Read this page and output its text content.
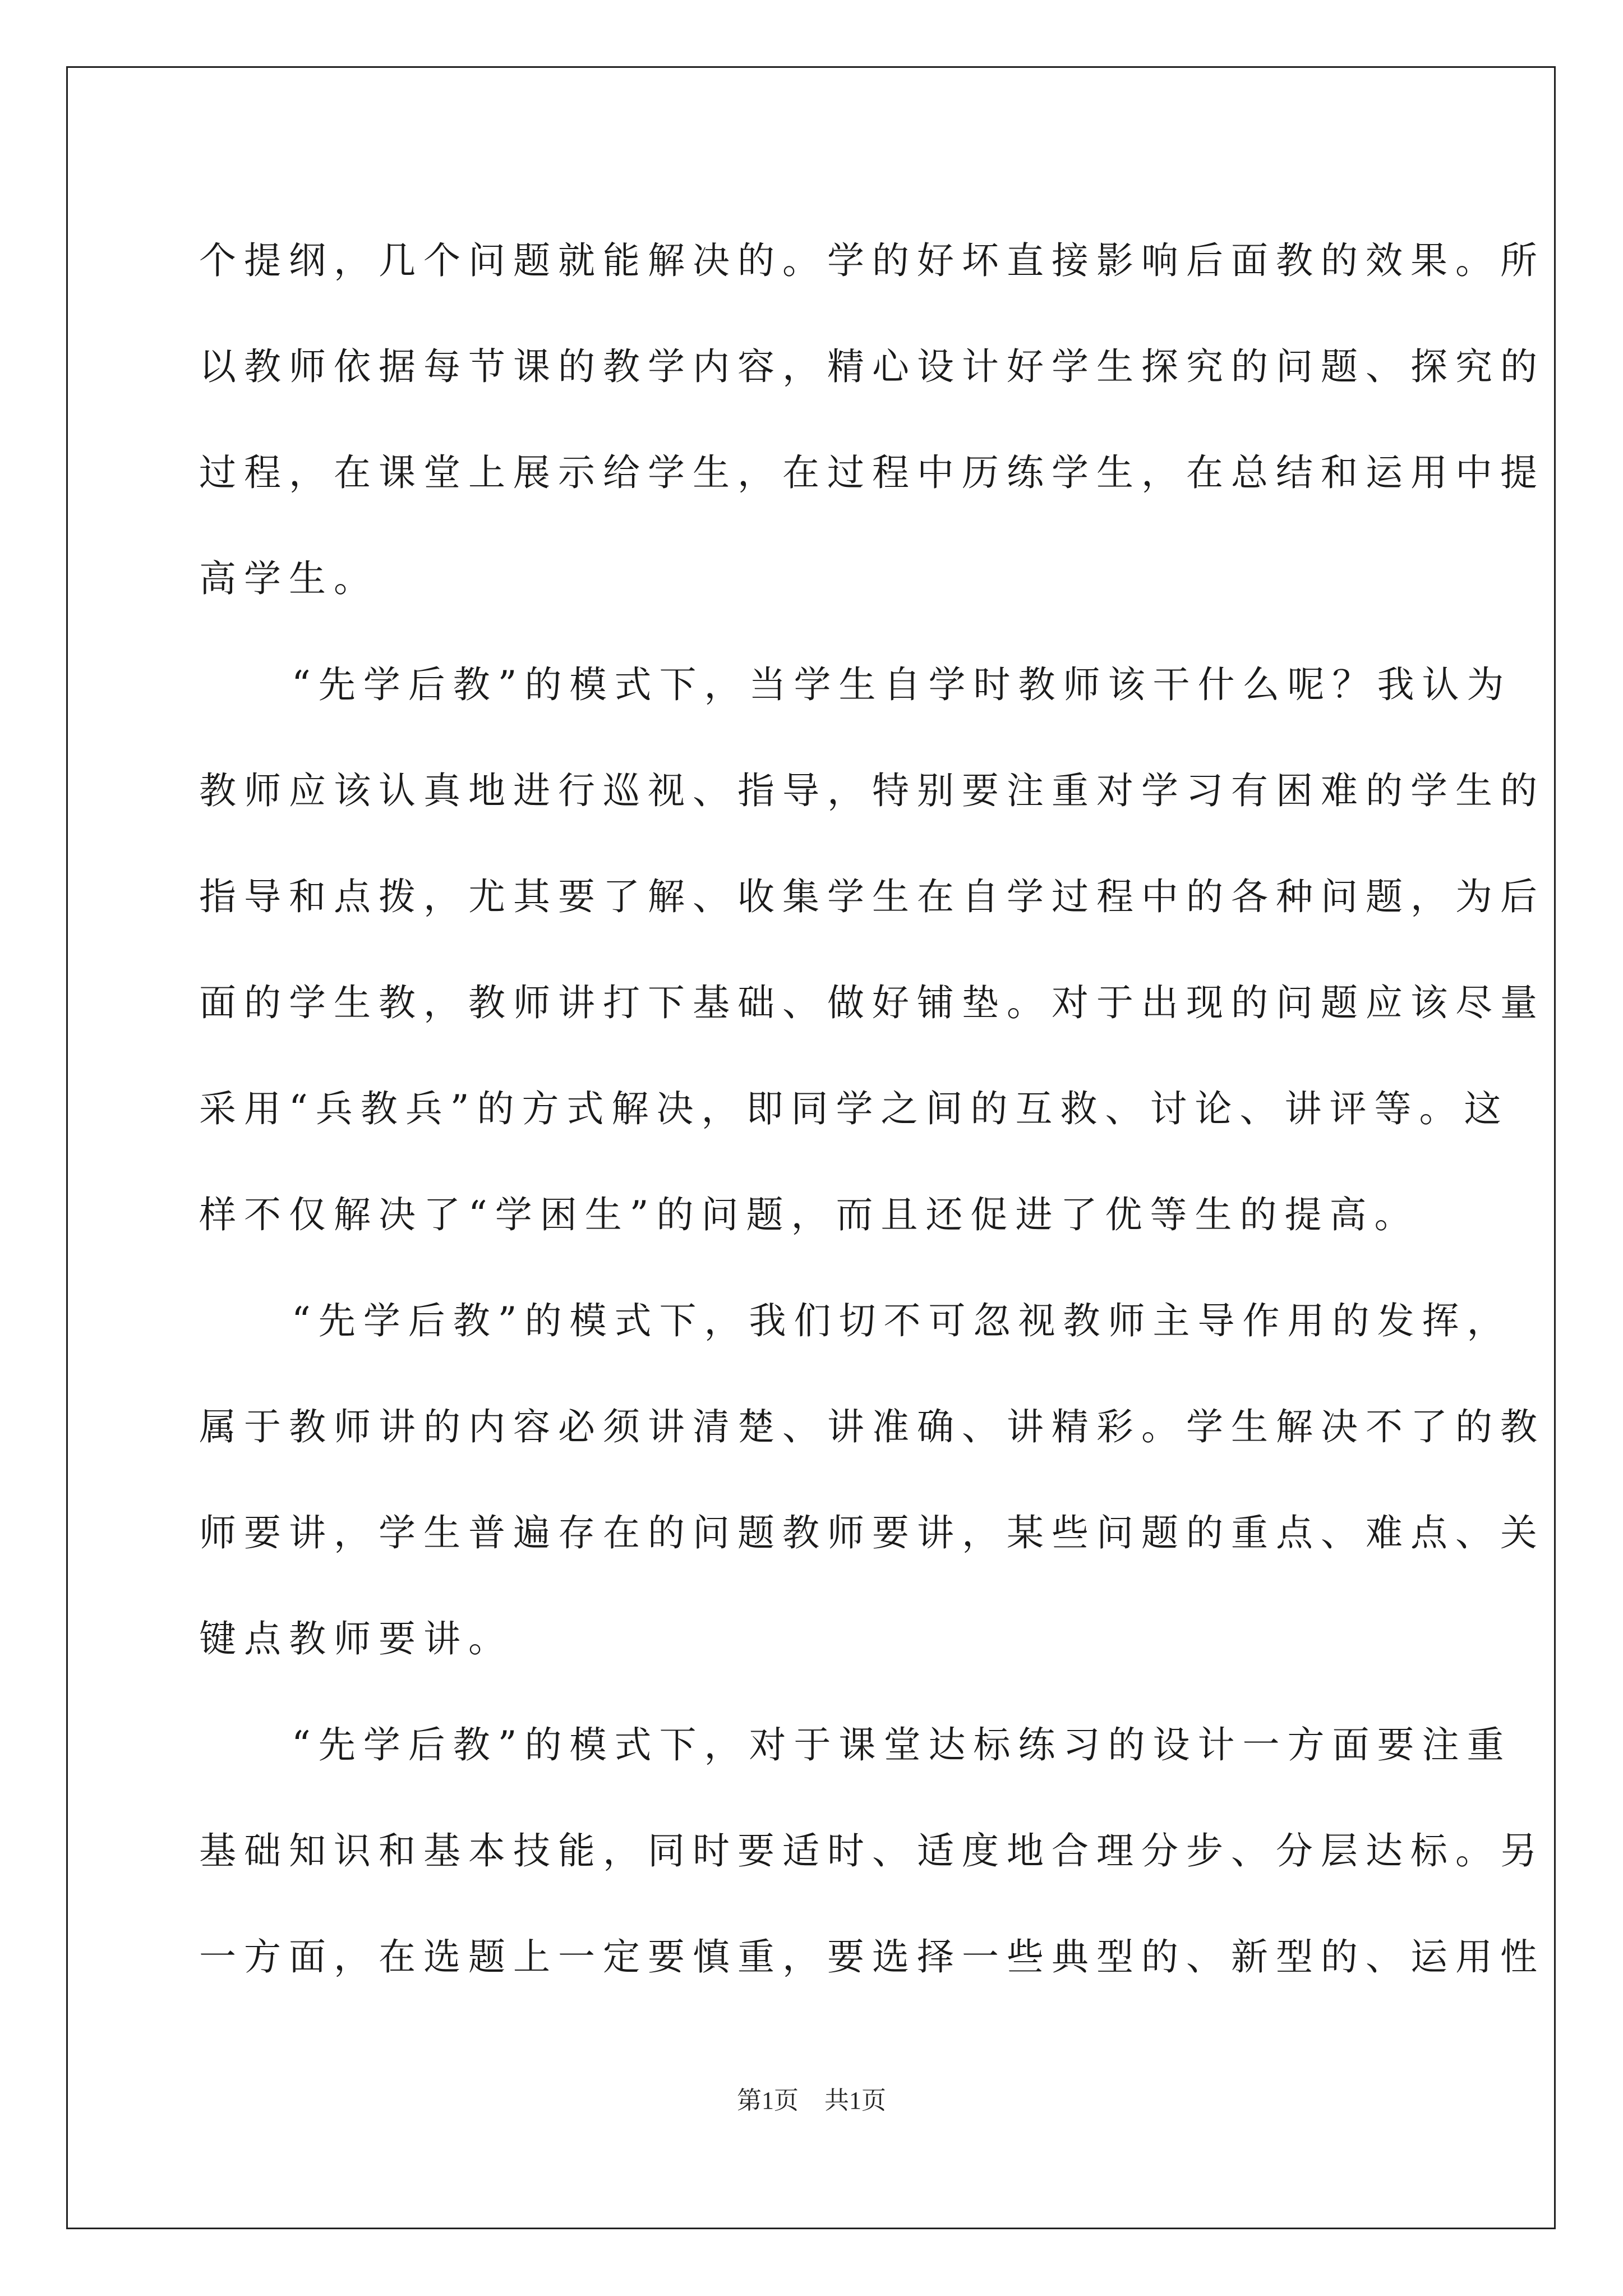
个提纲，几个问题就能解决的。学的好坏直接影响后面教的效果。所

以教师依据每节课的教学内容，精心设计好学生探究的问题、探究的

过程，在课堂上展示给学生，在过程中历练学生，在总结和运用中提

高学生。

“先学后教”的模式下，当学生自学时教师该干什么呢？我认为

教师应该认真地进行巡视、指导，特别要注重对学习有困难的学生的

指导和点拨，尤其要了解、收集学生在自学过程中的各种问题，为后

面的学生教，教师讲打下基础、做好铺垫。对于出现的问题应该尽量

采用“兵教兵”的方式解决，即同学之间的互救、讨论、讲评等。这

样不仅解决了“学困生”的问题，而且还促进了优等生的提高。

“先学后教”的模式下，我们切不可忽视教师主导作用的发挥，

属于教师讲的内容必须讲清楚、讲准确、讲精彩。学生解决不了的教

师要讲，学生普遍存在的问题教师要讲，某些问题的重点、难点、关

键点教师要讲。

“先学后教”的模式下，对于课堂达标练习的设计一方面要注重

基础知识和基本技能，同时要适时、适度地合理分步、分层达标。另

一方面，在选题上一定要慎重，要选择一些典型的、新型的、运用性

第1页 共1页
